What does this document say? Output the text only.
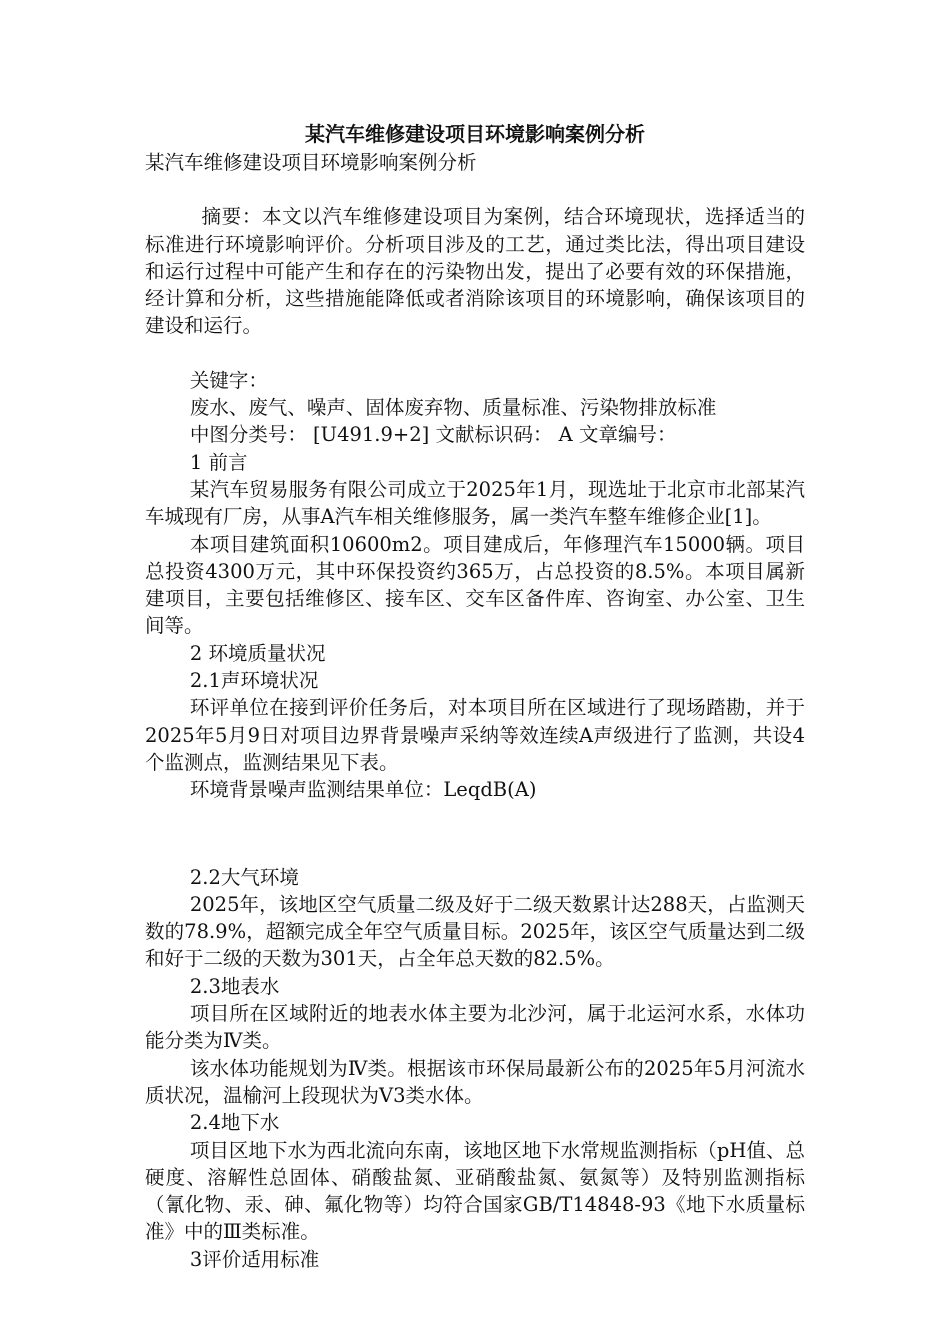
某汽车维修建设项目环境影响案例分析

某汽车维修建设项目环境影响案例分析

摘要：本文以汽车维修建设项目为案例，结合环境现状，选择适当的标准进行环境影响评价。分析项目涉及的工艺，通过类比法，得出项目建设和运行过程中可能产生和存在的污染物出发，提出了必要有效的环保措施，经计算和分析，这些措施能降低或者消除该项目的环境影响，确保该项目的建设和运行。

关键字：

废水、废气、噪声、固体废弃物、质量标准、污染物排放标准

中图分类号： [U491.9+2] 文献标识码： A 文章编号：

1 前言

某汽车贸易服务有限公司成立于2025年1月，现选址于北京市北部某汽车城现有厂房，从事A汽车相关维修服务，属一类汽车整车维修企业[1]。

本项目建筑面积10600m2。项目建成后，年修理汽车15000辆。项目总投资4300万元，其中环保投资约365万，占总投资的8.5%。本项目属新建项目，主要包括维修区、接车区、交车区备件库、咨询室、办公室、卫生间等。

2 环境质量状况

2.1声环境状况

环评单位在接到评价任务后，对本项目所在区域进行了现场踏勘，并于2025年5月9日对项目边界背景噪声采纳等效连续A声级进行了监测，共设4个监测点，监测结果见下表。

环境背景噪声监测结果单位：LeqdB(A)

2.2大气环境

2025年，该地区空气质量二级及好于二级天数累计达288天，占监测天数的78.9%，超额完成全年空气质量目标。2025年，该区空气质量达到二级和好于二级的天数为301天，占全年总天数的82.5%。

2.3地表水

项目所在区域附近的地表水体主要为北沙河，属于北运河水系，水体功能分类为Ⅳ类。

该水体功能规划为Ⅳ类。根据该市环保局最新公布的2025年5月河流水质状况，温榆河上段现状为Ⅴ3类水体。

2.4地下水

项目区地下水为西北流向东南，该地区地下水常规监测指标（pH值、总硬度、溶解性总固体、硝酸盐氮、亚硝酸盐氮、氨氮等）及特别监测指标（氰化物、汞、砷、氟化物等）均符合国家GB/T14848-93《地下水质量标准》中的Ⅲ类标准。

3评价适用标准
